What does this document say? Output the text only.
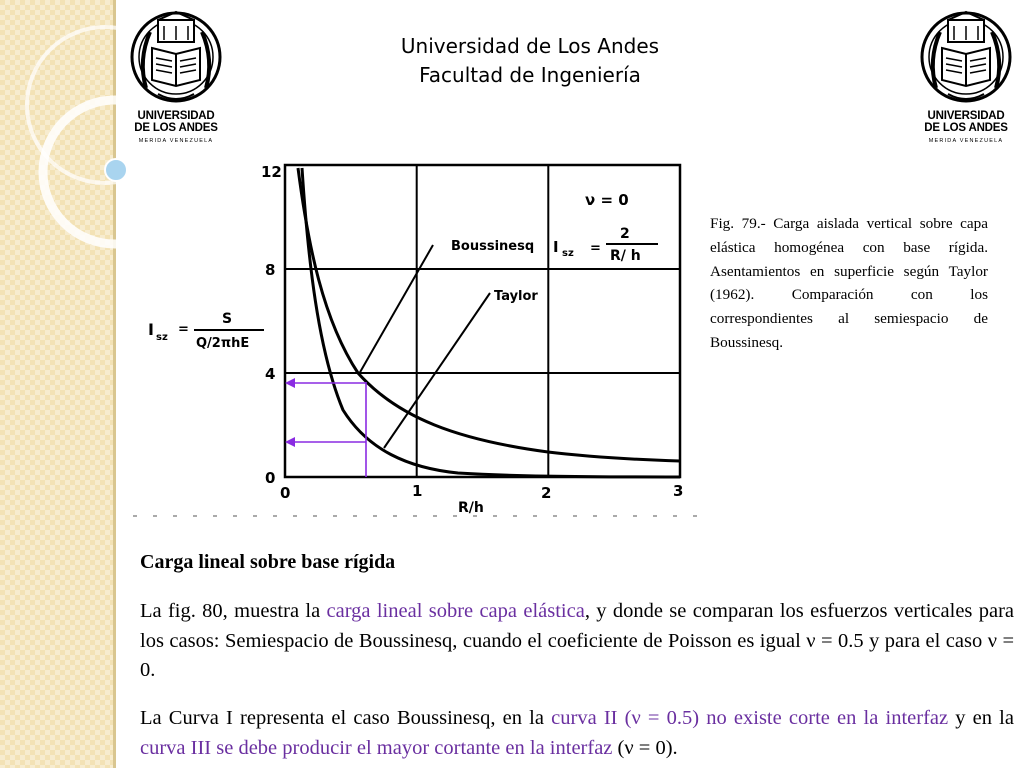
UNIVERSIDAD
DE LOS ANDES
MERIDA VENEZUELA
UNIVERSIDAD
DE LOS ANDES
MERIDA VENEZUELA
Universidad de Los Andes
Facultad de Ingeniería
12
8
4
0
0	1	2	3
R/h
Boussinesq I sz =
2
R/ h
Taylor
ν = 0
I sz
=
S
Q/2πhE
Fig. 79.- Carga aislada vertical sobre capa elástica homogénea con base rígida. Asentamientos en superficie según Taylor (1962). Comparación con los correspondientes al semiespacio de Boussinesq.
Carga lineal sobre base rígida
La fig. 80, muestra la carga lineal sobre capa elástica, y donde se comparan los esfuerzos verticales para los casos: Semiespacio de Boussinesq, cuando el coeficiente de Poisson es igual ν = 0.5 y para el caso ν = 0.
La Curva I representa el caso Boussinesq, en la curva II (ν = 0.5) no existe corte en la interfaz y en la curva III se debe producir el mayor cortante en la interfaz (ν = 0).
